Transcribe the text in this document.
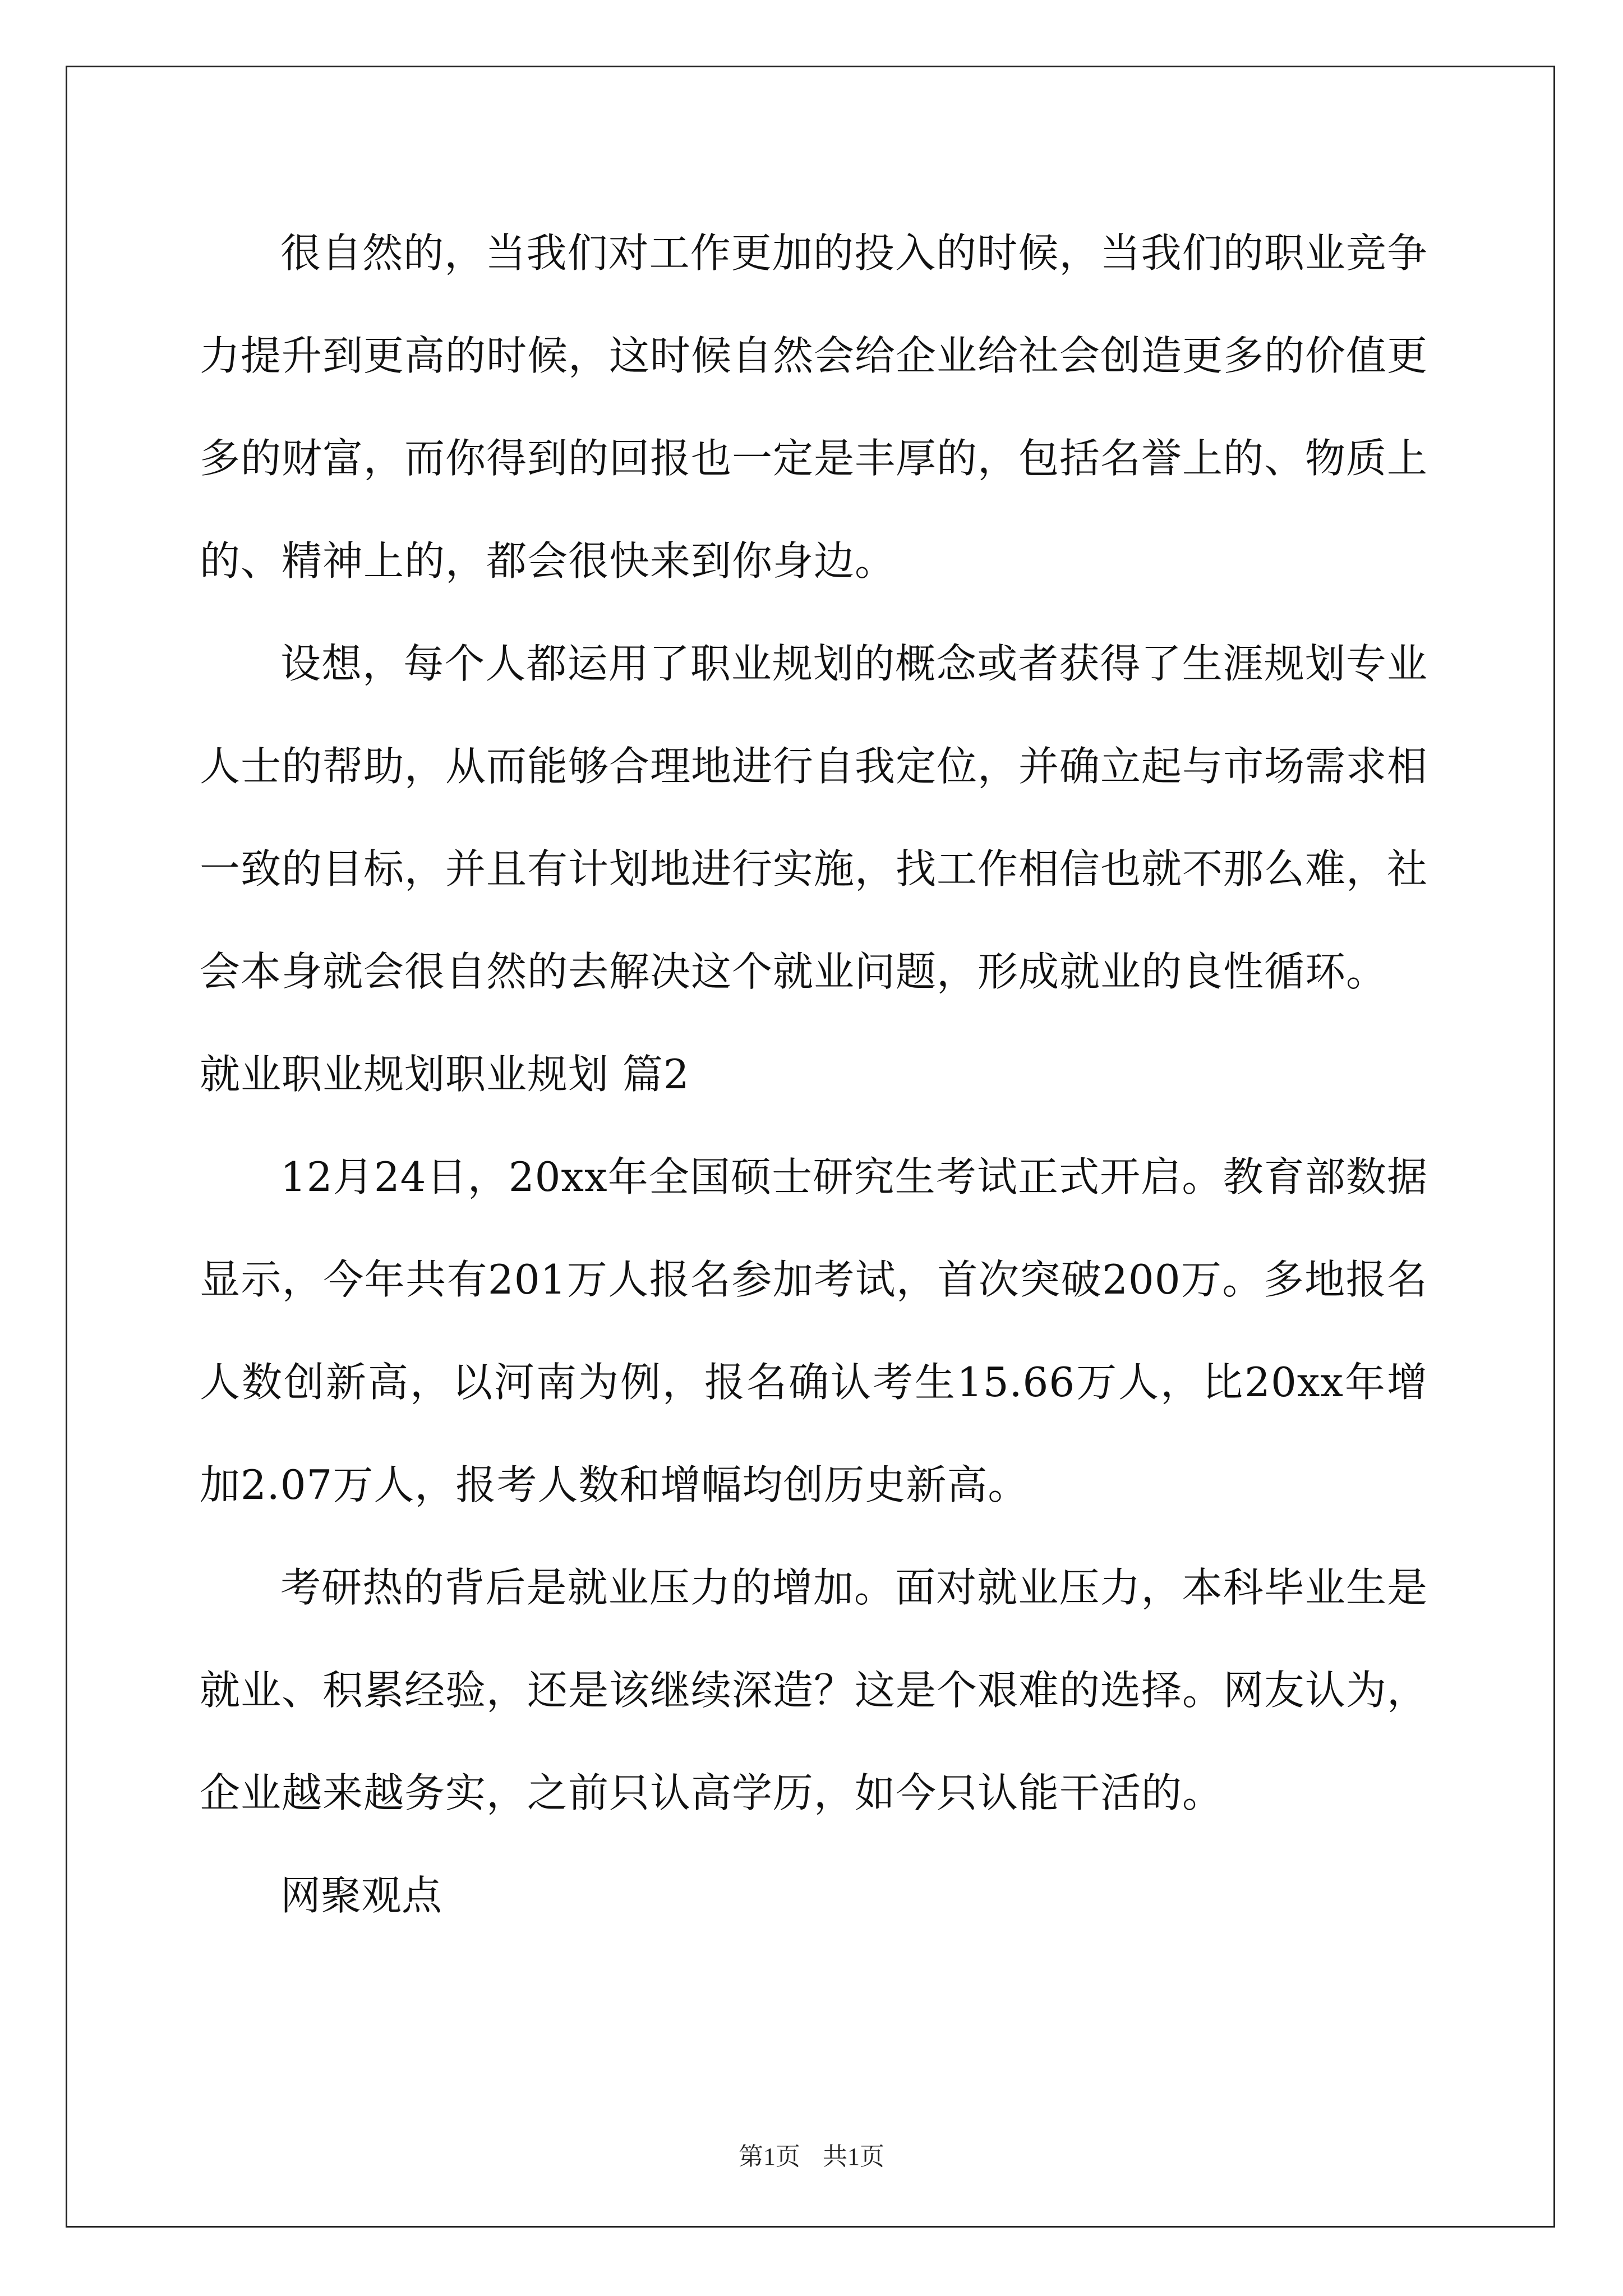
很自然的，当我们对工作更加的投入的时候，当我们的职业竞争力提升到更高的时候，这时候自然会给企业给社会创造更多的价值更多的财富，而你得到的回报也一定是丰厚的，包括名誉上的、物质上的、精神上的，都会很快来到你身边。

设想，每个人都运用了职业规划的概念或者获得了生涯规划专业人士的帮助，从而能够合理地进行自我定位，并确立起与市场需求相一致的目标，并且有计划地进行实施，找工作相信也就不那么难，社会本身就会很自然的去解决这个就业问题，形成就业的良性循环。

就业职业规划职业规划 篇2

12月24日，20xx年全国硕士研究生考试正式开启。教育部数据显示，今年共有201万人报名参加考试，首次突破200万。多地报名人数创新高，以河南为例，报名确认考生15.66万人，比20xx年增加2.07万人，报考人数和增幅均创历史新高。

考研热的背后是就业压力的增加。面对就业压力，本科毕业生是就业、积累经验，还是该继续深造？这是个艰难的选择。网友认为，企业越来越务实，之前只认高学历，如今只认能干活的。

网聚观点

第1页 共1页
